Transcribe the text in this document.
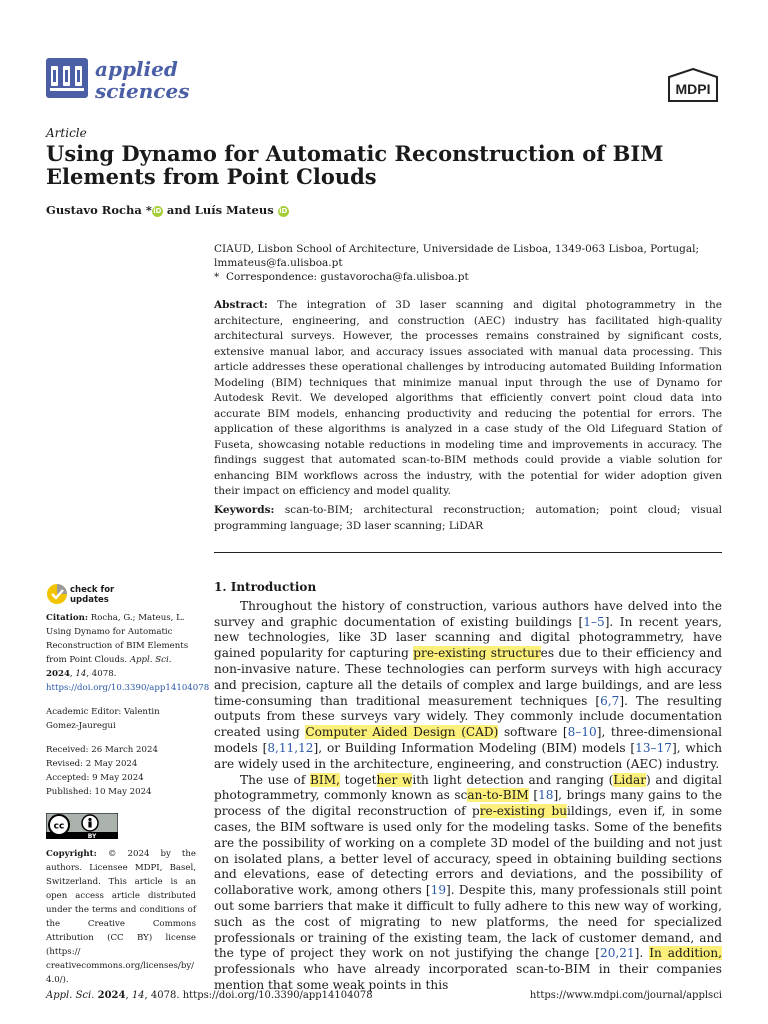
applied
sciences	MDPI
Article
Using Dynamo for Automatic Reconstruction of BIM Elements from Point Clouds
Gustavo Rocha *iD and Luís Mateus iD
CIAUD, Lisbon School of Architecture, Universidade de Lisboa, 1349-063 Lisboa, Portugal;
lmmateus@fa.ulisboa.pt
* Correspondence: gustavorocha@fa.ulisboa.pt
Abstract: The integration of 3D laser scanning and digital photogrammetry in the architecture, engineering, and construction (AEC) industry has facilitated high-quality architectural surveys. However, the processes remains constrained by significant costs, extensive manual labor, and accuracy issues associated with manual data processing. This article addresses these operational challenges by introducing automated Building Information Modeling (BIM) techniques that minimize manual input through the use of Dynamo for Autodesk Revit. We developed algorithms that efficiently convert point cloud data into accurate BIM models, enhancing productivity and reducing the potential for errors. The application of these algorithms is analyzed in a case study of the Old Lifeguard Station of Fuseta, showcasing notable reductions in modeling time and improvements in accuracy. The findings suggest that automated scan-to-BIM methods could provide a viable solution for enhancing BIM workflows across the industry, with the potential for wider adoption given their impact on efficiency and model quality.
Keywords: scan-to-BIM; architectural reconstruction; automation; point cloud; visual programming language; 3D laser scanning; LiDAR
check for
updates

Citation: Rocha, G.; Mateus, L. Using Dynamo for Automatic Reconstruction of BIM Elements from Point Clouds. Appl. Sci. 2024, 14, 4078. https://doi.org/10.3390/app14104078

Academic Editor: Valentin
Gomez-Jauregui

Received: 26 March 2024

Revised: 2 May 2024

Accepted: 9 May 2024

Published: 10 May 2024

cc
BY

Copyright: © 2024 by the authors. Licensee MDPI, Basel, Switzerland. This article is an open access article distributed under the terms and conditions of the Creative Commons Attribution (CC BY) license (https:// creativecommons.org/licenses/by/ 4.0/).

1. Introduction

Throughout the history of construction, various authors have delved into the survey and graphic documentation of existing buildings [1–5]. In recent years, new technologies, like 3D laser scanning and digital photogrammetry, have gained popularity for capturing pre-existing structures due to their efficiency and non-invasive nature. These technologies can perform surveys with high accuracy and precision, capture all the details of complex and large buildings, and are less time-consuming than traditional measurement techniques [6,7]. The resulting outputs from these surveys vary widely. They commonly include documentation created using Computer Aided Design (CAD) software [8–10], three-dimensional models [8,11,12], or Building Information Modeling (BIM) models [13–17], which are widely used in the architecture, engineering, and construction (AEC) industry.

The use of BIM, together with light detection and ranging (Lidar) and digital photogrammetry, commonly known as scan-to-BIM [18], brings many gains to the process of the digital reconstruction of pre-existing buildings, even if, in some cases, the BIM software is used only for the modeling tasks. Some of the benefits are the possibility of working on a complete 3D model of the building and not just on isolated plans, a better level of accuracy, speed in obtaining building sections and elevations, ease of detecting errors and deviations, and the possibility of collaborative work, among others [19]. Despite this, many professionals still point out some barriers that make it difficult to fully adhere to this new way of working, such as the cost of migrating to new platforms, the need for specialized professionals or training of the existing team, the lack of customer demand, and the type of project they work on not justifying the change [20,21]. In addition, professionals who have already incorporated scan-to-BIM in their companies mention that some weak points in this

Appl. Sci. 2024, 14, 4078. https://doi.org/10.3390/app14104078	https://www.mdpi.com/journal/applsci
